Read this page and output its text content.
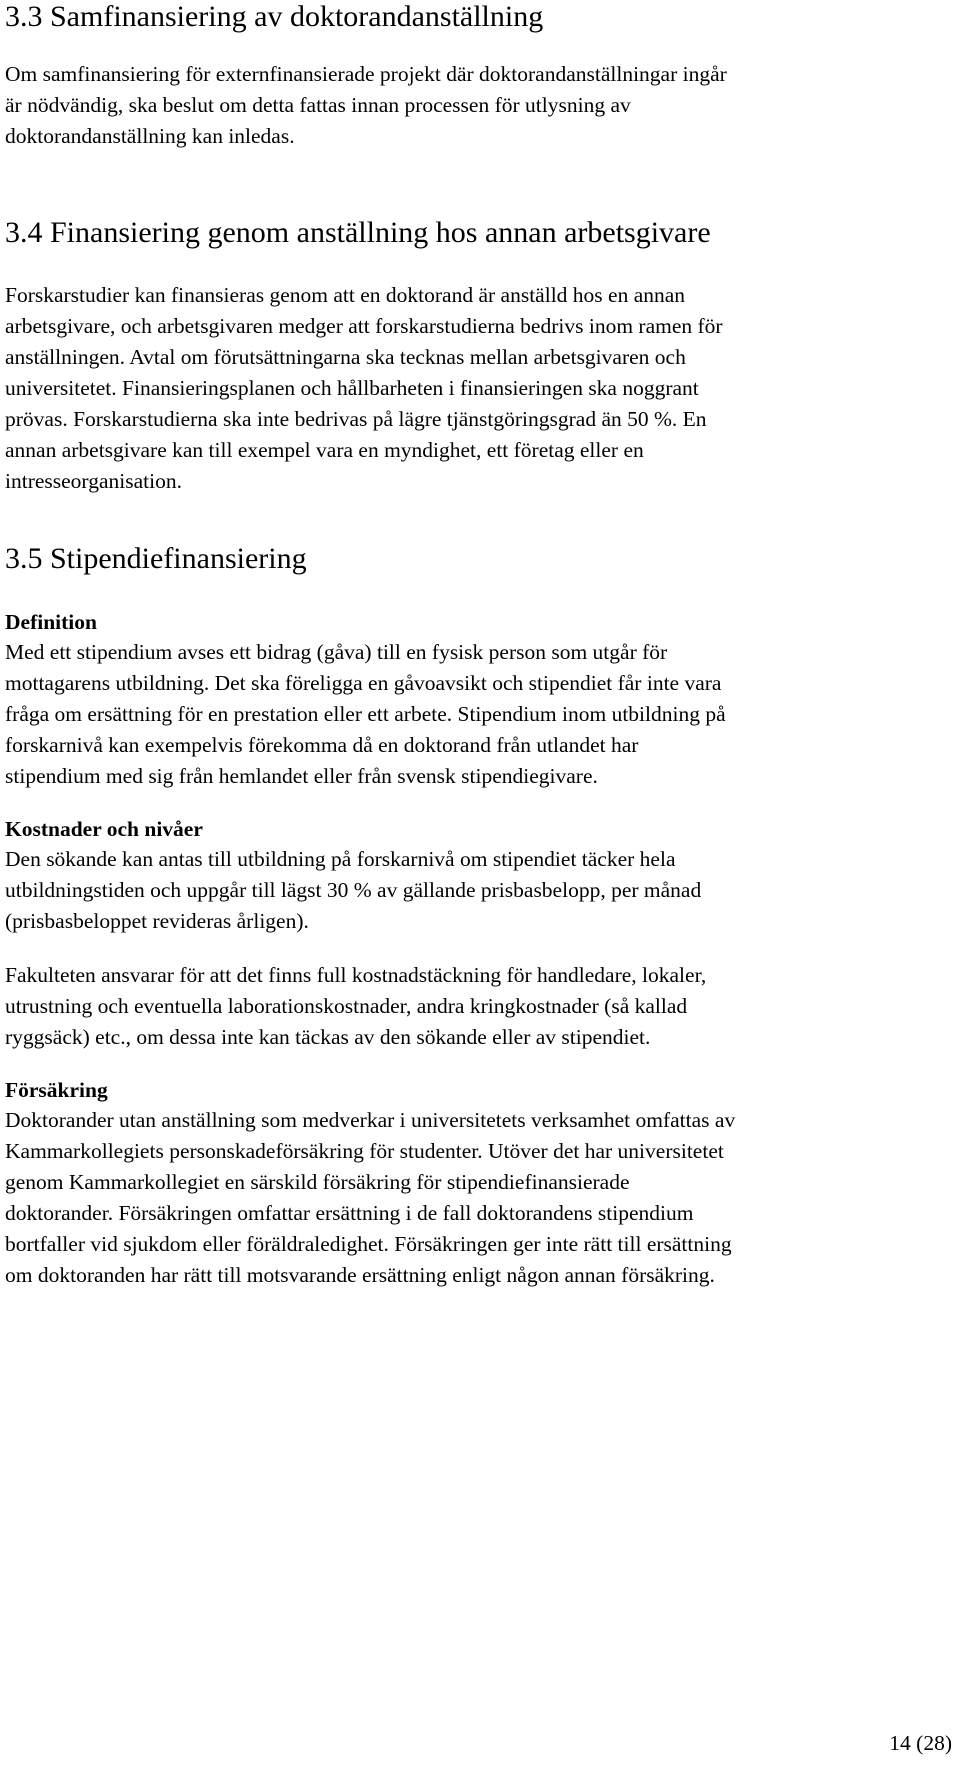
3.3 Samfinansiering av doktorandanställning

Om samfinansiering för externfinansierade projekt där doktorandanställningar ingår
är nödvändig, ska beslut om detta fattas innan processen för utlysning av
doktorandanställning kan inledas.

3.4 Finansiering genom anställning hos annan arbetsgivare

Forskarstudier kan finansieras genom att en doktorand är anställd hos en annan
arbetsgivare, och arbetsgivaren medger att forskarstudierna bedrivs inom ramen för
anställningen. Avtal om förutsättningarna ska tecknas mellan arbetsgivaren och
universitetet. Finansieringsplanen och hållbarheten i finansieringen ska noggrant
prövas. Forskarstudierna ska inte bedrivas på lägre tjänstgöringsgrad än 50 %. En
annan arbetsgivare kan till exempel vara en myndighet, ett företag eller en
intresseorganisation.

3.5 Stipendiefinansiering
Definition

Med ett stipendium avses ett bidrag (gåva) till en fysisk person som utgår för
mottagarens utbildning. Det ska föreligga en gåvoavsikt och stipendiet får inte vara
fråga om ersättning för en prestation eller ett arbete. Stipendium inom utbildning på
forskarnivå kan exempelvis förekomma då en doktorand från utlandet har
stipendium med sig från hemlandet eller från svensk stipendiegivare.

Kostnader och nivåer

Den sökande kan antas till utbildning på forskarnivå om stipendiet täcker hela
utbildningstiden och uppgår till lägst 30 % av gällande prisbasbelopp, per månad
(prisbasbeloppet revideras årligen).

Fakulteten ansvarar för att det finns full kostnadstäckning för handledare, lokaler,
utrustning och eventuella laborationskostnader, andra kringkostnader (så kallad
ryggsäck) etc., om dessa inte kan täckas av den sökande eller av stipendiet.

Försäkring

Doktorander utan anställning som medverkar i universitetets verksamhet omfattas av
Kammarkollegiets personskadeförsäkring för studenter. Utöver det har universitetet
genom Kammarkollegiet en särskild försäkring för stipendiefinansierade
doktorander. Försäkringen omfattar ersättning i de fall doktorandens stipendium
bortfaller vid sjukdom eller föräldraledighet. Försäkringen ger inte rätt till ersättning
om doktoranden har rätt till motsvarande ersättning enligt någon annan försäkring.

14 (28)
